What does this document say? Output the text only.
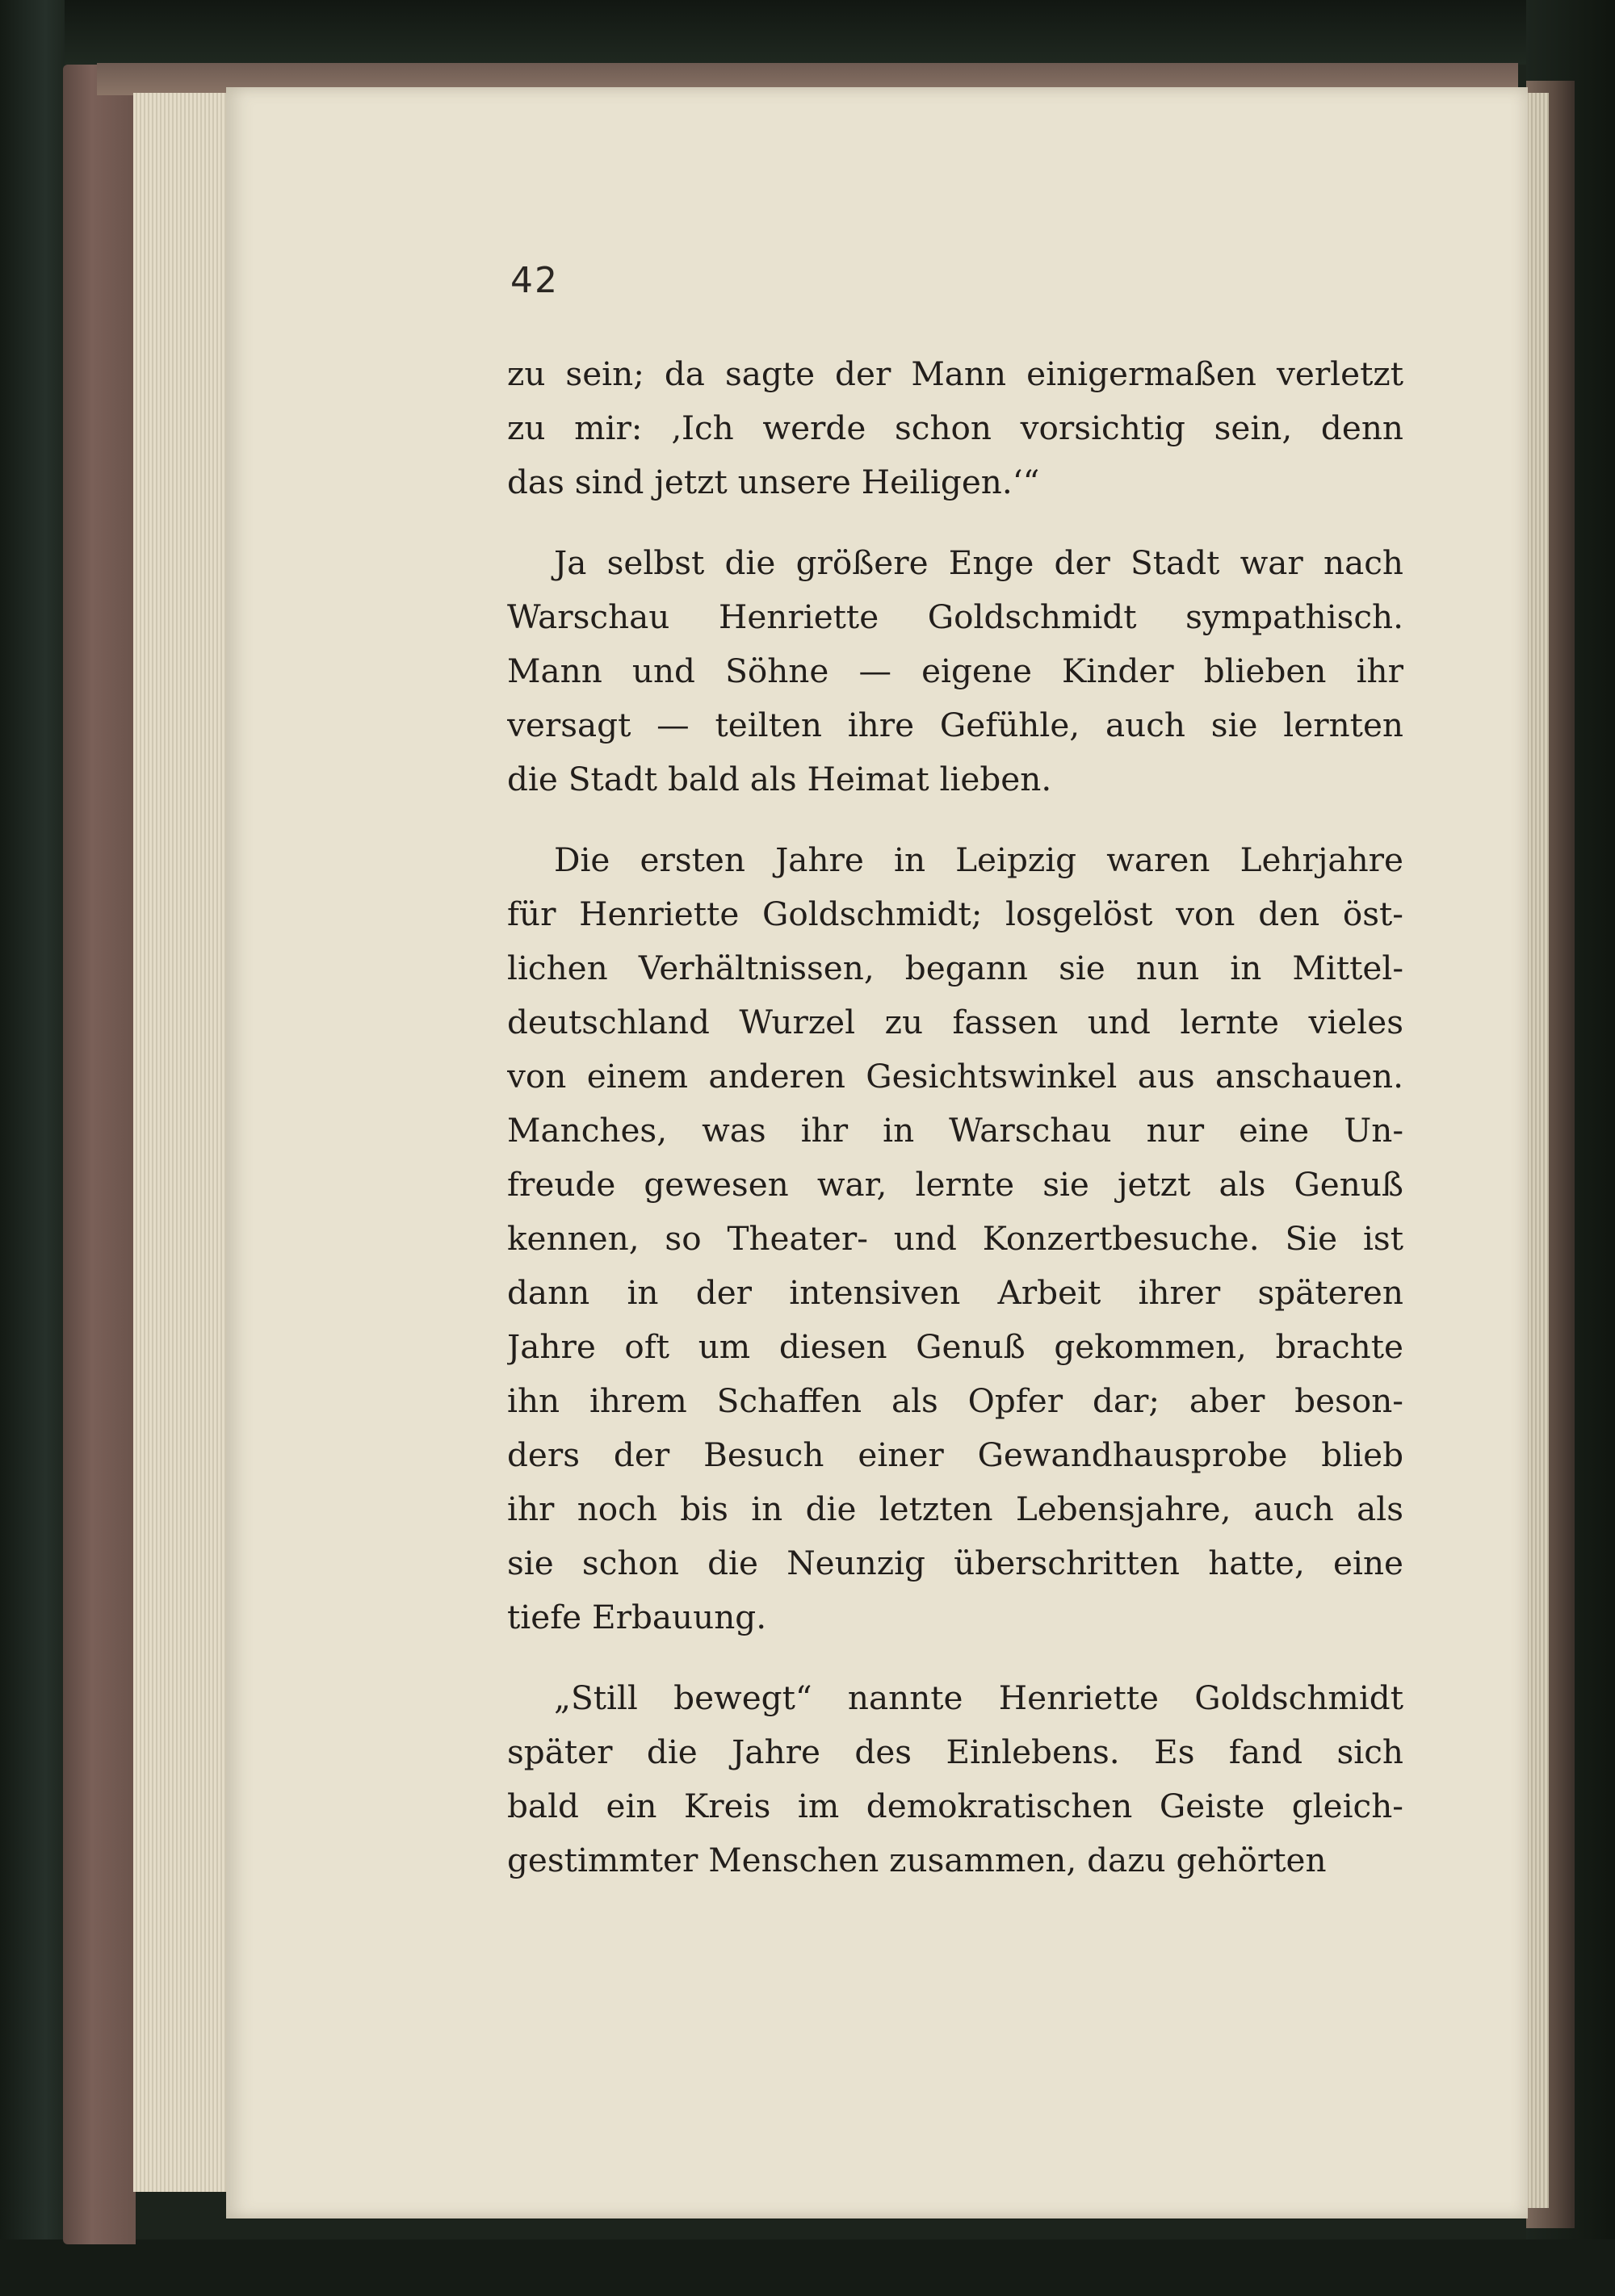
42
zu sein; da sagte der Mann einigermaßen verletzt
zu mir: ‚Ich werde schon vorsichtig sein, denn
das sind jetzt unsere Heiligen.‘“
Ja selbst die größere Enge der Stadt war nach
Warschau Henriette Goldschmidt sympathisch.
Mann und Söhne — eigene Kinder blieben ihr
versagt — teilten ihre Gefühle, auch sie lernten
die Stadt bald als Heimat lieben.
Die ersten Jahre in Leipzig waren Lehrjahre
für Henriette Goldschmidt; losgelöst von den öst-
lichen Verhältnissen, begann sie nun in Mittel-
deutschland Wurzel zu fassen und lernte vieles
von einem anderen Gesichtswinkel aus anschauen.
Manches, was ihr in Warschau nur eine Un-
freude gewesen war, lernte sie jetzt als Genuß
kennen, so Theater- und Konzertbesuche. Sie ist
dann in der intensiven Arbeit ihrer späteren
Jahre oft um diesen Genuß gekommen, brachte
ihn ihrem Schaffen als Opfer dar; aber beson-
ders der Besuch einer Gewandhausprobe blieb
ihr noch bis in die letzten Lebensjahre, auch als
sie schon die Neunzig überschritten hatte, eine
tiefe Erbauung.
„Still bewegt“ nannte Henriette Goldschmidt
später die Jahre des Einlebens. Es fand sich
bald ein Kreis im demokratischen Geiste gleich-
gestimmter Menschen zusammen, dazu gehörten
